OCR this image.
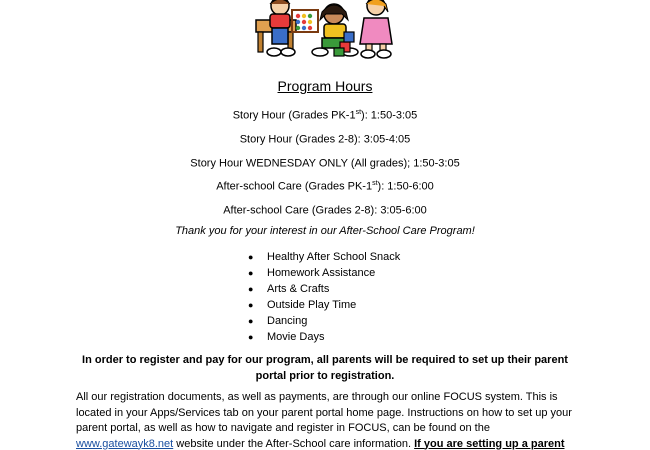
Program Hours
Story Hour (Grades PK-1st): 1:50-3:05
Story Hour (Grades 2-8): 3:05-4:05
Story Hour WEDNESDAY ONLY (All grades); 1:50-3:05
After-school Care (Grades PK-1st): 1:50-6:00
After-school Care (Grades 2-8): 3:05-6:00
Thank you for your interest in our After-School Care Program!
● Healthy After School Snack
● Homework Assistance
● Arts & Crafts
● Outside Play Time
● Dancing
● Movie Days
In order to register and pay for our program, all parents will be required to set up their parent portal prior to registration.
All our registration documents, as well as payments, are through our online FOCUS system. This is located in your Apps/Services tab on your parent portal home page. Instructions on how to set up your parent portal, as well as how to navigate and register in FOCUS, can be found on the www.gatewayk8.net website under the After-School care information. If you are setting up a parent
